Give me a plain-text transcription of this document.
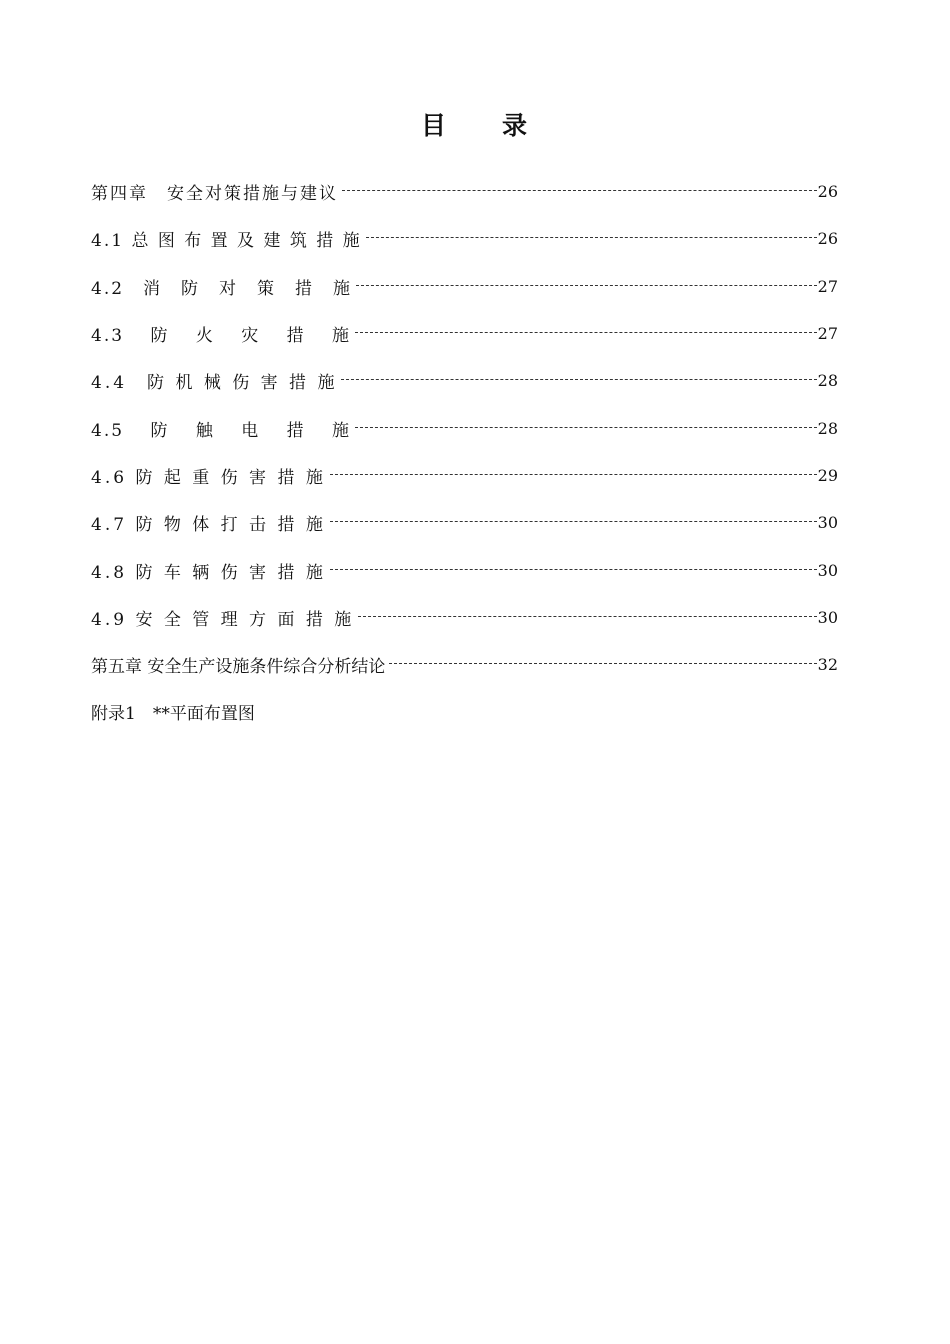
目　　录
第四章　安全对策措施与建议	26
4.1 总 图 布 置 及 建 筑 措 施	26
4.2　消　防　对　策　措　施	27
4.3　 防　 火　 灾　 措　 施	27
4.4　防 机 械 伤 害 措 施	28
4.5　 防　 触　 电　 措　 施	28
4.6 防 起 重 伤 害 措 施	29
4.7 防 物 体 打 击 措 施	30
4.8 防 车 辆 伤 害 措 施	30
4.9 安 全 管 理 方 面 措 施	30
第五章 安全生产设施条件综合分析结论	32
附录1　**平面布置图
